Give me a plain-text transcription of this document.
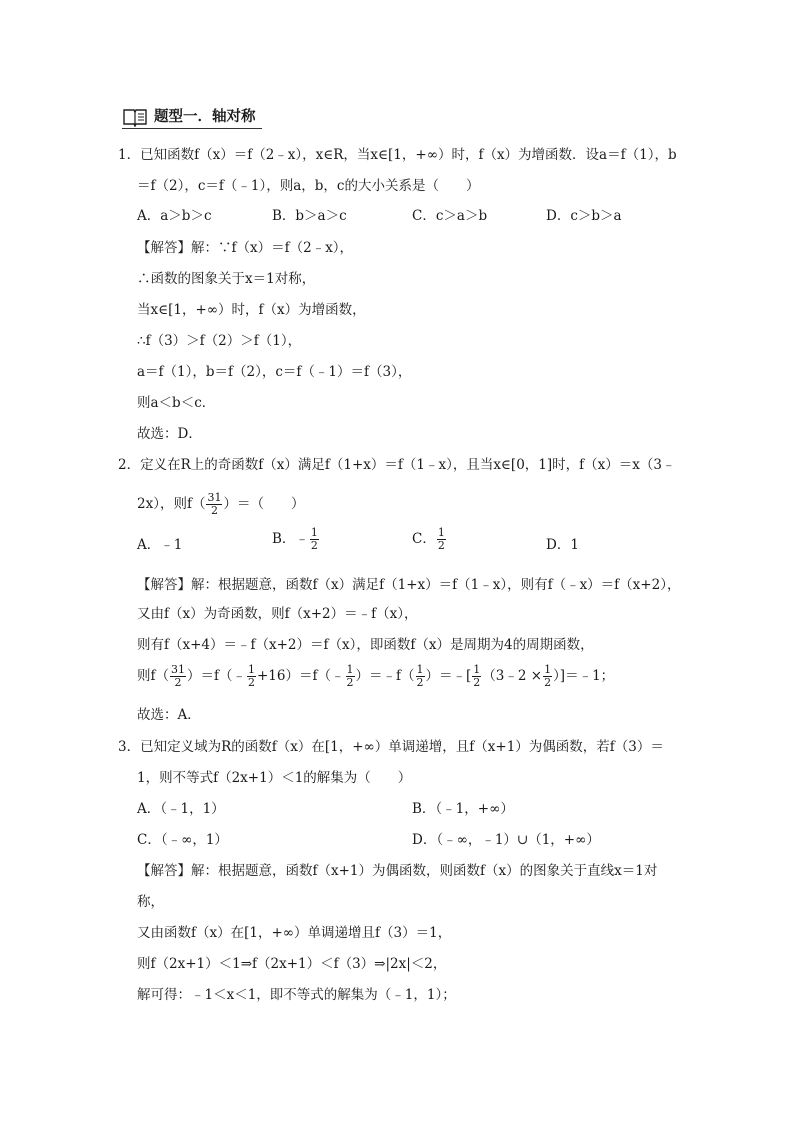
题型一．轴对称
1．已知函数f（x）＝f（2﹣x），x∈R，当x∈[1，+∞）时，f（x）为增函数．设a＝f（1），b
＝f（2），c＝f（﹣1），则a，b，c的大小关系是（　　）
A．a＞b＞c	B．b＞a＞c	C．c＞a＞b	D．c＞b＞a
【解答】解：∵f（x）＝f（2﹣x），
∴函数的图象关于x＝1对称，
当x∈[1，+∞）时，f（x）为增函数，
∴f（3）＞f（2）＞f（1），
a＝f（1），b＝f（2），c＝f（﹣1）＝f（3），
则a＜b＜c．
故选：D．
2．定义在R上的奇函数f（x）满足f（1+x）＝f（1﹣x），且当x∈[0，1]时，f（x）＝x（3﹣
2x），则$f( \frac{31}{2}$ ）＝（　　）
A．﹣1	B．﹣ $\frac{1}{2}$	C． $\frac{1}{2}$	D．1
【解答】解：根据题意，函数f（x）满足f（1+x）＝f（1﹣x），则有f（﹣x）＝f（x+2），
又由f（x）为奇函数，则f（x+2）＝﹣f（x），
则有f（x+4）＝﹣f（x+2）＝f（x），即函数f（x）是周期为4的周期函数，
则$f( \frac{31}{2}$ ）＝f（﹣ $\frac{1}{2}$ +16）＝f（﹣ $\frac{1}{2}$ ）＝﹣f（ $\frac{1}{2}$ ）＝﹣[ $\frac{1}{2}$ （3﹣2 × $\frac{1}{2}$ ）]＝﹣1；
故选：A．
3．已知定义域为R的函数f（x）在[1，+∞）单调递增，且f（x+1）为偶函数，若f（3）＝
1，则不等式f（2x+1）＜1的解集为（　　）
A．（﹣1，1）	B．（﹣1，+∞）
C．（﹣∞，1）	D．（﹣∞，﹣1）∪（1，+∞）
【解答】解：根据题意，函数f（x+1）为偶函数，则函数f（x）的图象关于直线x＝1对
称，
又由函数f（x）在[1，+∞）单调递增且f（3）＝1，
则f（2x+1）＜1⇒f（2x+1）＜f（3）⇒|2x|＜2，
解可得：﹣1＜x＜1，即不等式的解集为（﹣1，1）；
